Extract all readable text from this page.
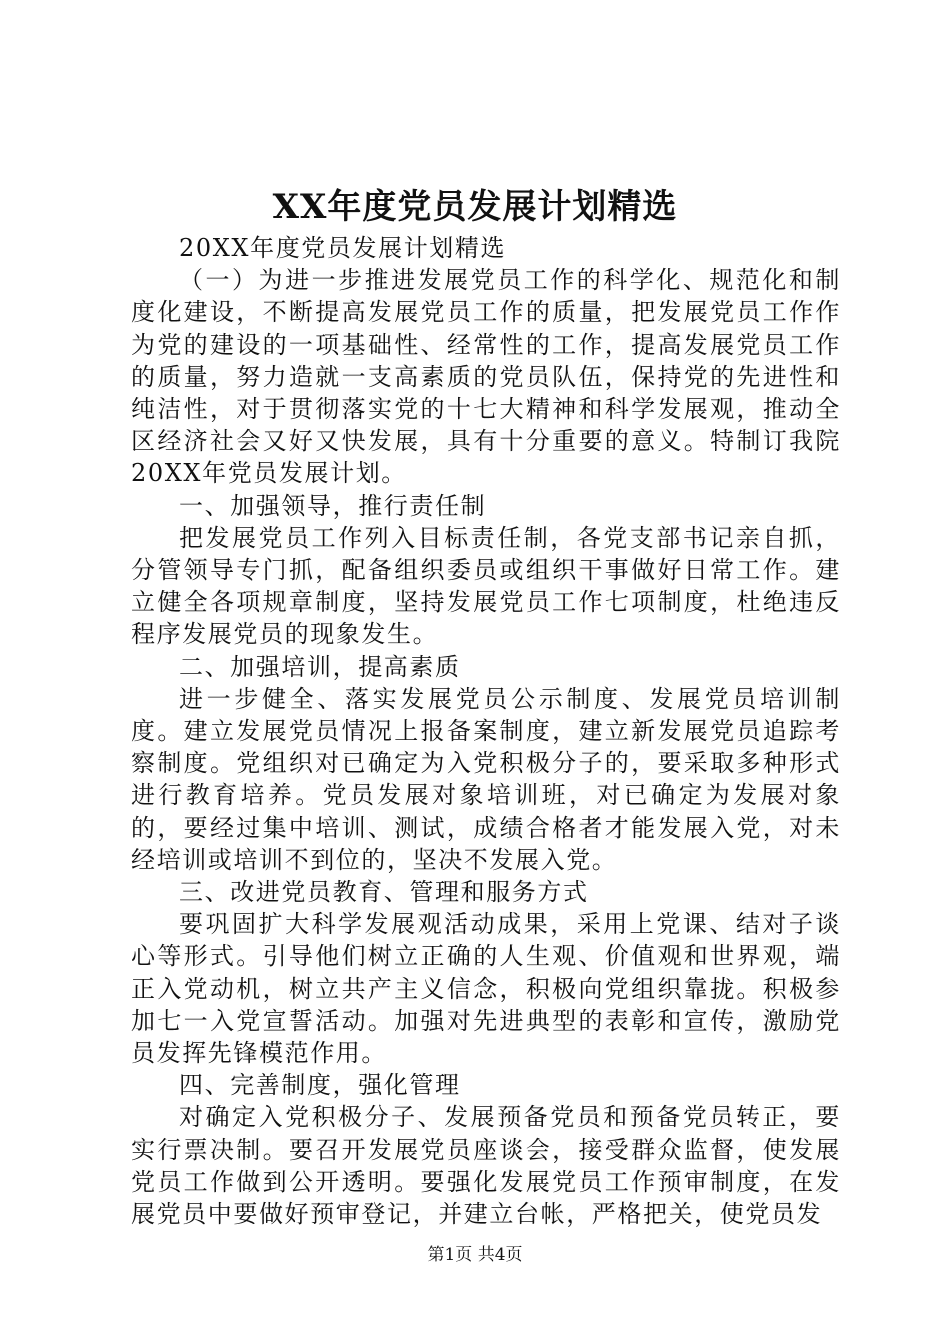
XX年度党员发展计划精选

20XX年度党员发展计划精选

（一）为进一步推进发展党员工作的科学化、规范化和制度化建设，不断提高发展党员工作的质量，把发展党员工作作为党的建设的一项基础性、经常性的工作，提高发展党员工作的质量，努力造就一支高素质的党员队伍，保持党的先进性和纯洁性，对于贯彻落实党的十七大精神和科学发展观，推动全区经济社会又好又快发展，具有十分重要的意义。特制订我院20XX年党员发展计划。

一、加强领导，推行责任制

把发展党员工作列入目标责任制，各党支部书记亲自抓，分管领导专门抓，配备组织委员或组织干事做好日常工作。建立健全各项规章制度，坚持发展党员工作七项制度，杜绝违反程序发展党员的现象发生。

二、加强培训，提高素质

进一步健全、落实发展党员公示制度、发展党员培训制度。建立发展党员情况上报备案制度，建立新发展党员追踪考察制度。党组织对已确定为入党积极分子的，要采取多种形式进行教育培养。党员发展对象培训班，对已确定为发展对象的，要经过集中培训、测试，成绩合格者才能发展入党，对未经培训或培训不到位的，坚决不发展入党。

三、改进党员教育、管理和服务方式

要巩固扩大科学发展观活动成果，采用上党课、结对子谈心等形式。引导他们树立正确的人生观、价值观和世界观，端正入党动机，树立共产主义信念，积极向党组织靠拢。积极参加七一入党宣誓活动。加强对先进典型的表彰和宣传，激励党员发挥先锋模范作用。

四、完善制度，强化管理

对确定入党积极分子、发展预备党员和预备党员转正，要实行票决制。要召开发展党员座谈会，接受群众监督，使发展党员工作做到公开透明。要强化发展党员工作预审制度，在发展党员中要做好预审登记，并建立台帐，严格把关，使党员发

第1页 共4页
